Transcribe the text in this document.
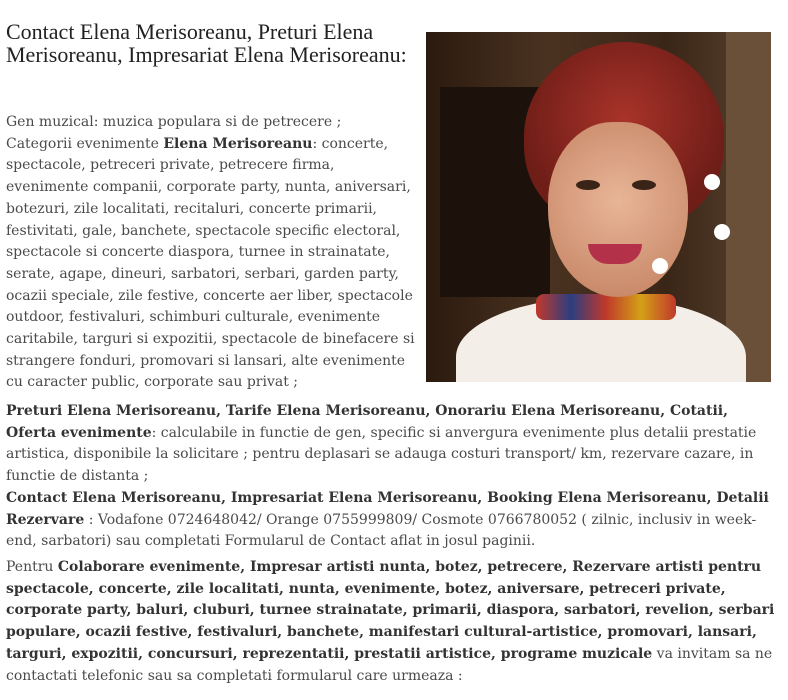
Contact Elena Merisoreanu, Preturi Elena Merisoreanu, Impresariat Elena Merisoreanu:

Gen muzical: muzica populara si de petrecere ;

Categorii evenimente Elena Merisoreanu: concerte, spectacole, petreceri private, petrecere firma, evenimente companii, corporate party, nunta, aniversari, botezuri, zile localitati, recitaluri, concerte primarii, festivitati, gale, banchete, spectacole specific electoral, spectacole si concerte diaspora, turnee in strainatate, serate, agape, dineuri, sarbatori, serbari, garden party, ocazii speciale, zile festive, concerte aer liber, spectacole outdoor, festivaluri, schimburi culturale, evenimente caritabile, targuri si expozitii, spectacole de binefacere si strangere fonduri, promovari si lansari, alte evenimente cu caracter public, corporate sau privat ;

Preturi Elena Merisoreanu, Tarife Elena Merisoreanu, Onorariu Elena Merisoreanu, Cotatii, Oferta evenimente: calculabile in functie de gen, specific si anvergura evenimente plus detalii prestatie artistica, disponibile la solicitare ; pentru deplasari se adauga costuri transport/ km, rezervare cazare, in functie de distanta ;

Contact Elena Merisoreanu, Impresariat Elena Merisoreanu, Booking Elena Merisoreanu, Detalii Rezervare : Vodafone 0724648042/ Orange 0755999809/ Cosmote 0766780052 ( zilnic, inclusiv in week-end, sarbatori) sau completati Formularul de Contact aflat in josul paginii.

Pentru Colaborare evenimente, Impresar artisti nunta, botez, petrecere, Rezervare artisti pentru spectacole, concerte, zile localitati, nunta, evenimente, botez, aniversare, petreceri private, corporate party, baluri, cluburi, turnee strainatate, primarii, diaspora, sarbatori, revelion, serbari populare, ocazii festive, festivaluri, banchete, manifestari cultural-artistice, promovari, lansari, targuri, expozitii, concursuri, reprezentatii, prestatii artistice, programe muzicale va invitam sa ne contactati telefonic sau sa completati formularul care urmeaza :
